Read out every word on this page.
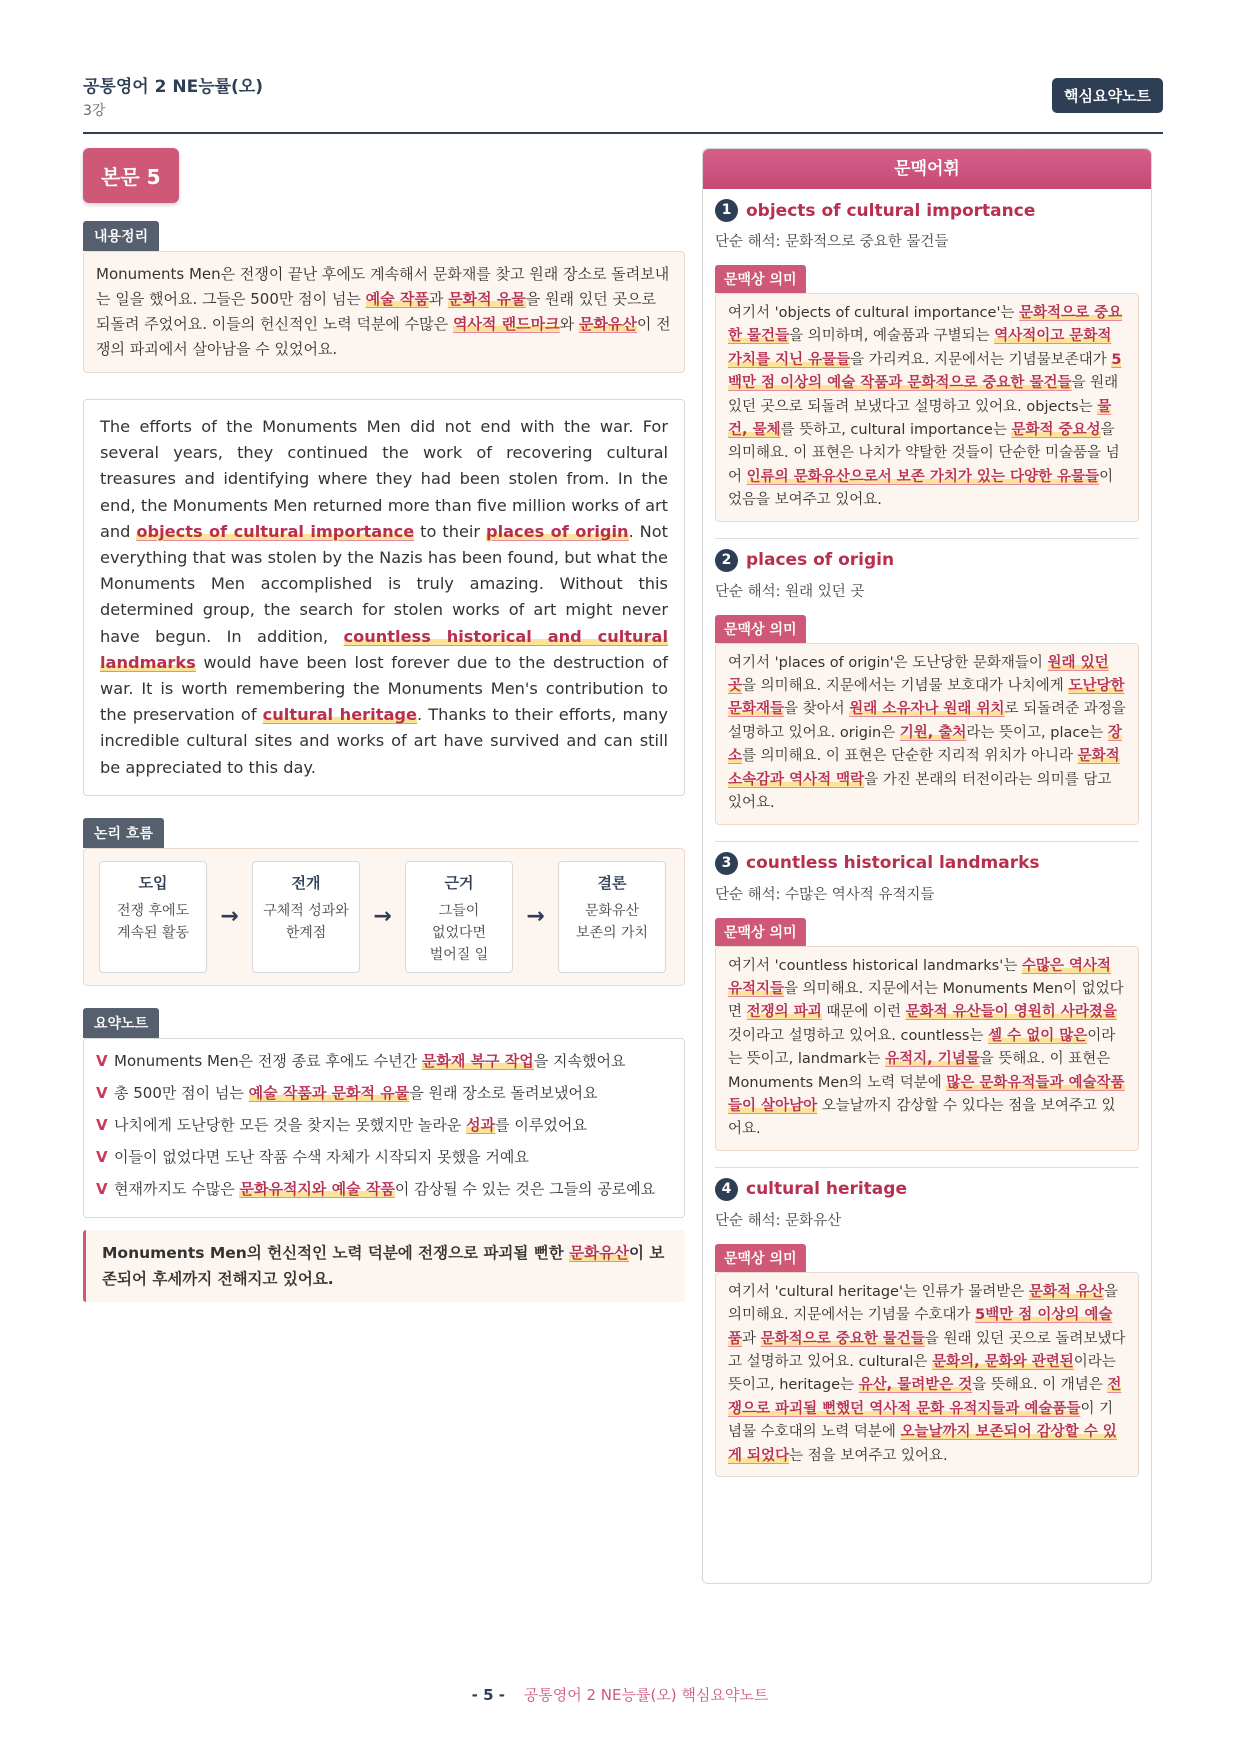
공통영어 2 NE능률(오)
3강
핵심요약노트
본문 5
내용정리
Monuments Men은 전쟁이 끝난 후에도 계속해서 문화재를 찾고 원래 장소로 돌려보내는 일을 했어요. 그들은 500만 점이 넘는 예술 작품과 문화적 유물을 원래 있던 곳으로 되돌려 주었어요. 이들의 헌신적인 노력 덕분에 수많은 역사적 랜드마크와 문화유산이 전쟁의 파괴에서 살아남을 수 있었어요.
The efforts of the Monuments Men did not end with the war. For several years, they continued the work of recovering cultural treasures and identifying where they had been stolen from. In the end, the Monuments Men returned more than five million works of art and objects of cultural importance to their places of origin. Not everything that was stolen by the Nazis has been found, but what the Monuments Men accomplished is truly amazing. Without this determined group, the search for stolen works of art might never have begun. In addition, countless historical and cultural landmarks would have been lost forever due to the destruction of war. It is worth remembering the Monuments Men's contribution to the preservation of cultural heritage. Thanks to their efforts, many incredible cultural sites and works of art have survived and can still be appreciated to this day.
논리 흐름
도입
전쟁 후에도
계속된 활동
→
전개
구체적 성과와
한계점
→
근거
그들이
없었다면
벌어질 일
→
결론
문화유산
보존의 가치
요약노트
V Monuments Men은 전쟁 종료 후에도 수년간 문화재 복구 작업을 지속했어요
V 총 500만 점이 넘는 예술 작품과 문화적 유물을 원래 장소로 돌려보냈어요
V 나치에게 도난당한 모든 것을 찾지는 못했지만 놀라운 성과를 이루었어요
V 이들이 없었다면 도난 작품 수색 자체가 시작되지 못했을 거예요
V 현재까지도 수많은 문화유적지와 예술 작품이 감상될 수 있는 것은 그들의 공로예요
Monuments Men의 헌신적인 노력 덕분에 전쟁으로 파괴될 뻔한 문화유산이 보존되어 후세까지 전해지고 있어요.
문맥어휘
1 objects of cultural importance
단순 해석: 문화적으로 중요한 물건들
문맥상 의미
여기서 'objects of cultural importance'는 문화적으로 중요한 물건들을 의미하며, 예술품과 구별되는 역사적이고 문화적 가치를 지닌 유물들을 가리켜요. 지문에서는 기념물보존대가 5백만 점 이상의 예술 작품과 문화적으로 중요한 물건들을 원래 있던 곳으로 되돌려 보냈다고 설명하고 있어요. objects는 물건, 물체를 뜻하고, cultural importance는 문화적 중요성을 의미해요. 이 표현은 나치가 약탈한 것들이 단순한 미술품을 넘어 인류의 문화유산으로서 보존 가치가 있는 다양한 유물들이었음을 보여주고 있어요.
2 places of origin
단순 해석: 원래 있던 곳
문맥상 의미
여기서 'places of origin'은 도난당한 문화재들이 원래 있던 곳을 의미해요. 지문에서는 기념물 보호대가 나치에게 도난당한 문화재들을 찾아서 원래 소유자나 원래 위치로 되돌려준 과정을 설명하고 있어요. origin은 기원, 출처라는 뜻이고, place는 장소를 의미해요. 이 표현은 단순한 지리적 위치가 아니라 문화적 소속감과 역사적 맥락을 가진 본래의 터전이라는 의미를 담고 있어요.
3 countless historical landmarks
단순 해석: 수많은 역사적 유적지들
문맥상 의미
여기서 'countless historical landmarks'는 수많은 역사적 유적지들을 의미해요. 지문에서는 Monuments Men이 없었다면 전쟁의 파괴 때문에 이런 문화적 유산들이 영원히 사라졌을 것이라고 설명하고 있어요. countless는 셀 수 없이 많은이라는 뜻이고, landmark는 유적지, 기념물을 뜻해요. 이 표현은 Monuments Men의 노력 덕분에 많은 문화유적들과 예술작품들이 살아남아 오늘날까지 감상할 수 있다는 점을 보여주고 있어요.
4 cultural heritage
단순 해석: 문화유산
문맥상 의미
여기서 'cultural heritage'는 인류가 물려받은 문화적 유산을 의미해요. 지문에서는 기념물 수호대가 5백만 점 이상의 예술품과 문화적으로 중요한 물건들을 원래 있던 곳으로 돌려보냈다고 설명하고 있어요. cultural은 문화의, 문화와 관련된이라는 뜻이고, heritage는 유산, 물려받은 것을 뜻해요. 이 개념은 전쟁으로 파괴될 뻔했던 역사적 문화 유적지들과 예술품들이 기념물 수호대의 노력 덕분에 오늘날까지 보존되어 감상할 수 있게 되었다는 점을 보여주고 있어요.
- 5 - 공통영어 2 NE능률(오) 핵심요약노트
